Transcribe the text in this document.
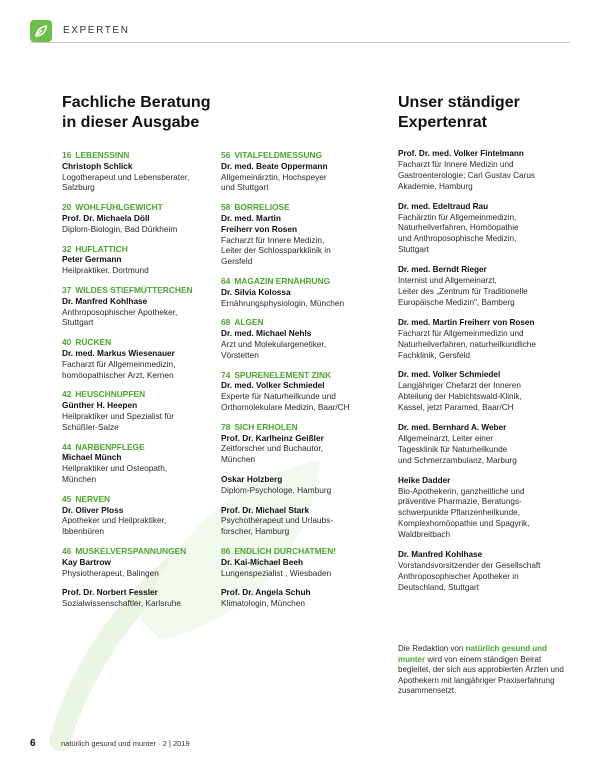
EXPERTEN
Fachliche Beratung
in dieser Ausgabe
Unser ständiger
Expertenrat
16 LEBENSSINN
Christoph Schlick
Logotherapeut und Lebensberater,
Salzburg
20 WOHLFÜHLGEWICHT
Prof. Dr. Michaela Döll
Diplom-Biologin, Bad Dürkheim
32 HUFLATTICH
Peter Germann
Heilpraktiker, Dortmund
37 WILDES STIEFMÜTTERCHEN
Dr. Manfred Kohlhase
Anthroposophischer Apotheker,
Stuttgart
40 RÜCKEN
Dr. med. Markus Wiesenauer
Facharzt für Allgemeinmedizin,
homöopathischer Arzt, Kernen
42 HEUSCHNUPFEN
Günther H. Heepen
Heilpraktiker und Spezialist für
Schüßler-Salze
44 NARBENPFLEGE
Michael Münch
Heilpraktiker und Osteopath,
München
45 NERVEN
Dr. Oliver Ploss
Apotheker und Heilpraktiker,
Ibbenbüren
46 MUSKELVERSPANNUNGEN
Kay Bartrow
Physiotherapeut, Balingen
Prof. Dr. Norbert Fessler
Sozialwissenschaftler, Karlsruhe
56 VITALFELDMESSUNG
Dr. med. Beate Oppermann
Allgemeinärztin, Hochspeyer
und Stuttgart
58 BORRELIOSE
Dr. med. Martin
Freiherr von Rosen
Facharzt für Innere Medizin,
Leiter der Schlossparkklinik in
Gersfeld
64 MAGAZIN ERNÄHRUNG
Dr. Silvia Kolossa
Ernährungsphysiologin, München
68 ALGEN
Dr. med. Michael Nehls
Arzt und Molekulargenetiker,
Vörstetten
74 SPURENELEMENT ZINK
Dr. med. Volker Schmiedel
Experte für Naturheilkunde und
Orthomolekulare Medizin, Baar/CH
78 SICH ERHOLEN
Prof. Dr. Karlheinz Geißler
Zeitforscher und Buchautor,
München
Oskar Holzberg
Diplom-Psychologe, Hamburg
Prof. Dr. Michael Stark
Psychotherapeut und Urlaubs-
forscher, Hamburg
86 ENDLICH DURCHATMEN!
Dr. Kai-Michael Beeh
Lungenspezialist , Wiesbaden
Prof. Dr. Angela Schuh
Klimatologin, München
Prof. Dr. med. Volker Fintelmann
Facharzt für Innere Medizin und
Gastroenterologie; Carl Gustav Carus
Akademie, Hamburg
Dr. med. Edeltraud Rau
Fachärztin für Allgemeinmedizin,
Naturheilverfahren, Homöopathie
und Anthroposophische Medizin,
Stuttgart
Dr. med. Berndt Rieger
Internist und Allgemeinarzt,
Leiter des „Zentrum für Traditionelle
Europäische Medizin", Bamberg
Dr. med. Martin Freiherr von Rosen
Facharzt für Allgemeinmedizin und
Naturheilverfahren, naturheilkundliche
Fachklinik, Gersfeld
Dr. med. Volker Schmiedel
Langjähriger Chefarzt der Inneren
Abteilung der Habichtswald-Klinik,
Kassel, jetzt Paramed, Baar/CH
Dr. med. Bernhard A. Weber
Allgemeinarzt, Leiter einer
Tagesklinik für Naturheilkunde
und Schmerzambulanz, Marburg
Heike Dadder
Bio-Apothekerin, ganzheitliche und
präventive Pharmazie, Beratungs-
schwerpunkte Pflanzenheilkunde,
Komplexhomöopathie und Spagyrik,
Waldbreitbach
Dr. Manfred Kohlhase
Vorstandsvorsitzender der Gesellschaft
Anthroposophischer Apotheker in
Deutschland, Stuttgart
Die Redaktion von natürlich gesund und munter wird von einem ständigen Beirat begleitet, der sich aus approbierten Ärzten und Apothekern mit langjähriger Praxiserfahrung zusammensetzt.
6	natürlich gesund und munter · 2 | 2019
